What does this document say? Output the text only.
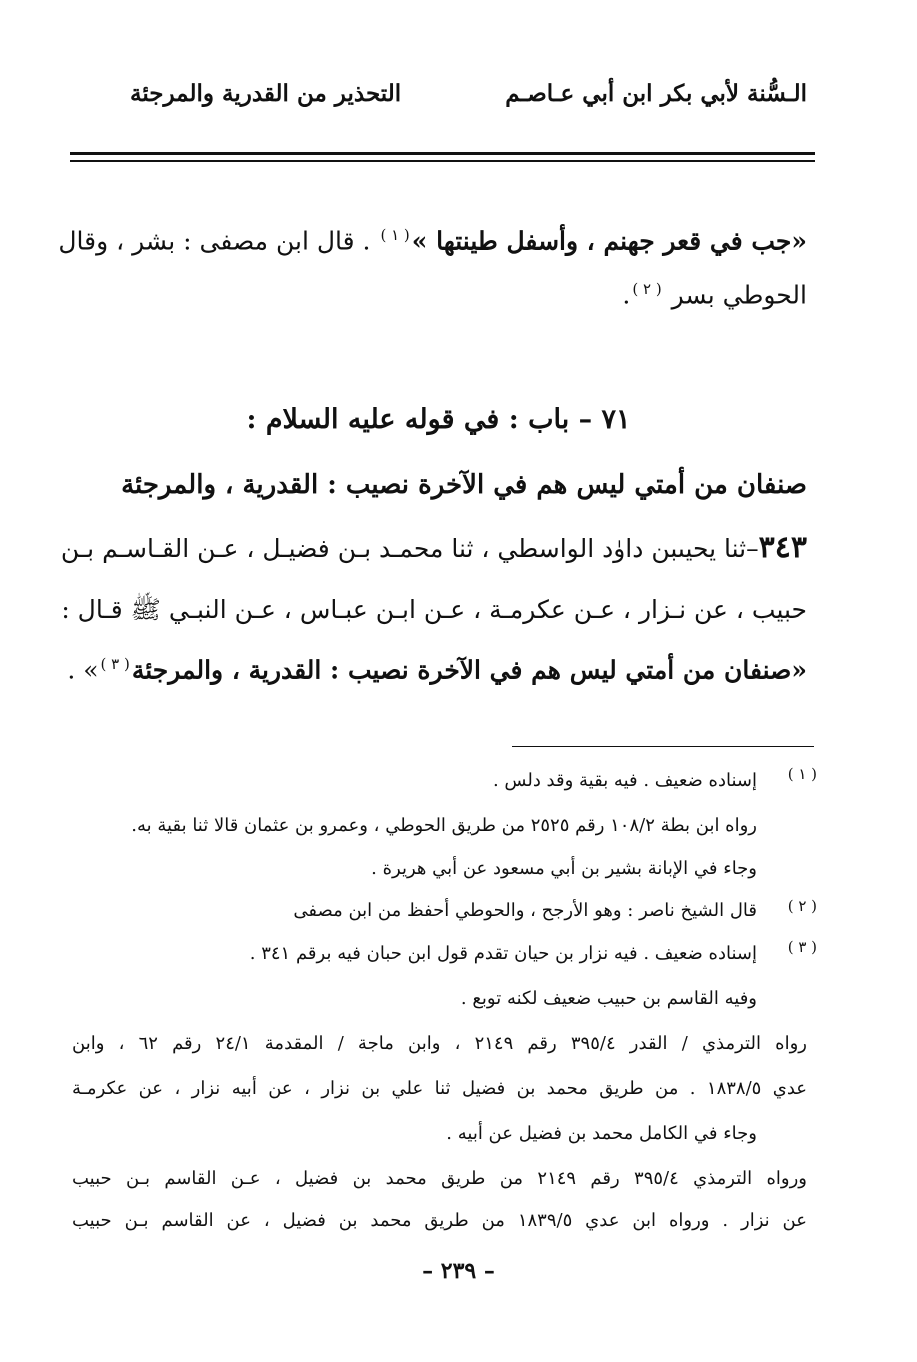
الـسُّنة لأبي بكر ابن أبي عـاصـم
التحذير من القدرية والمرجئة
«جب في قعر جهنم ، وأسفل طينتها »$^{( ١ )}$ . قال ابن مصفى : بشر ، وقال
الحوطي بسر $^{( ٢ )}$.
٧١ – باب : في قوله عليه السلام :
صنفان من أمتي ليس هم في الآخرة نصيب : القدرية ، والمرجئة
٣٤٣–ثنا يحيىبن داوٰد الواسطي ، ثنا محمـد بـن فضيـل ، عـن القـاسـم بـن
حبيب ، عن نـزار ، عـن عكرمـة ، عـن ابـن عبـاس ، عـن النبـي ﷺ قـال :
«صنفان من أمتي ليس هم في الآخرة نصيب : القدرية ، والمرجئة$^{( ٣ )}$» .
( ١ )
إسناده ضعيف . فيه بقية وقد دلس .
رواه ابن بطة ١٠٨/٢ رقم ٢٥٢٥ من طريق الحوطي ، وعمرو بن عثمان قالا ثنا بقية به.
وجاء في الإبانة بشير بن أبي مسعود عن أبي هريرة .
( ٢ )
قال الشيخ ناصر : وهو الأرجح ، والحوطي أحفظ من ابن مصفى
( ٣ )
إسناده ضعيف . فيه نزار بن حيان تقدم قول ابن حبان فيه برقم ٣٤١ .
وفيه القاسم بن حبيب ضعيف لكنه توبع .
رواه الترمذي / القدر ٣٩٥/٤ رقم ٢١٤٩ ، وابن ماجة / المقدمة ٢٤/١ رقم ٦٢ ، وابن
عدي ١٨٣٨/٥ . من طريق محمد بن فضيل ثنا علي بن نزار ، عن أبيه نزار ، عن عكرمـة
وجاء في الكامل محمد بن فضيل عن أبيه .
ورواه الترمذي ٣٩٥/٤ رقم ٢١٤٩ من طريق محمد بن فضيل ، عـن القاسم بـن حبيب
عن نزار . ورواه ابن عدي ١٨٣٩/٥ من طريق محمد بن فضيل ، عن القاسم بـن حبيب
– ٢٣٩ –
